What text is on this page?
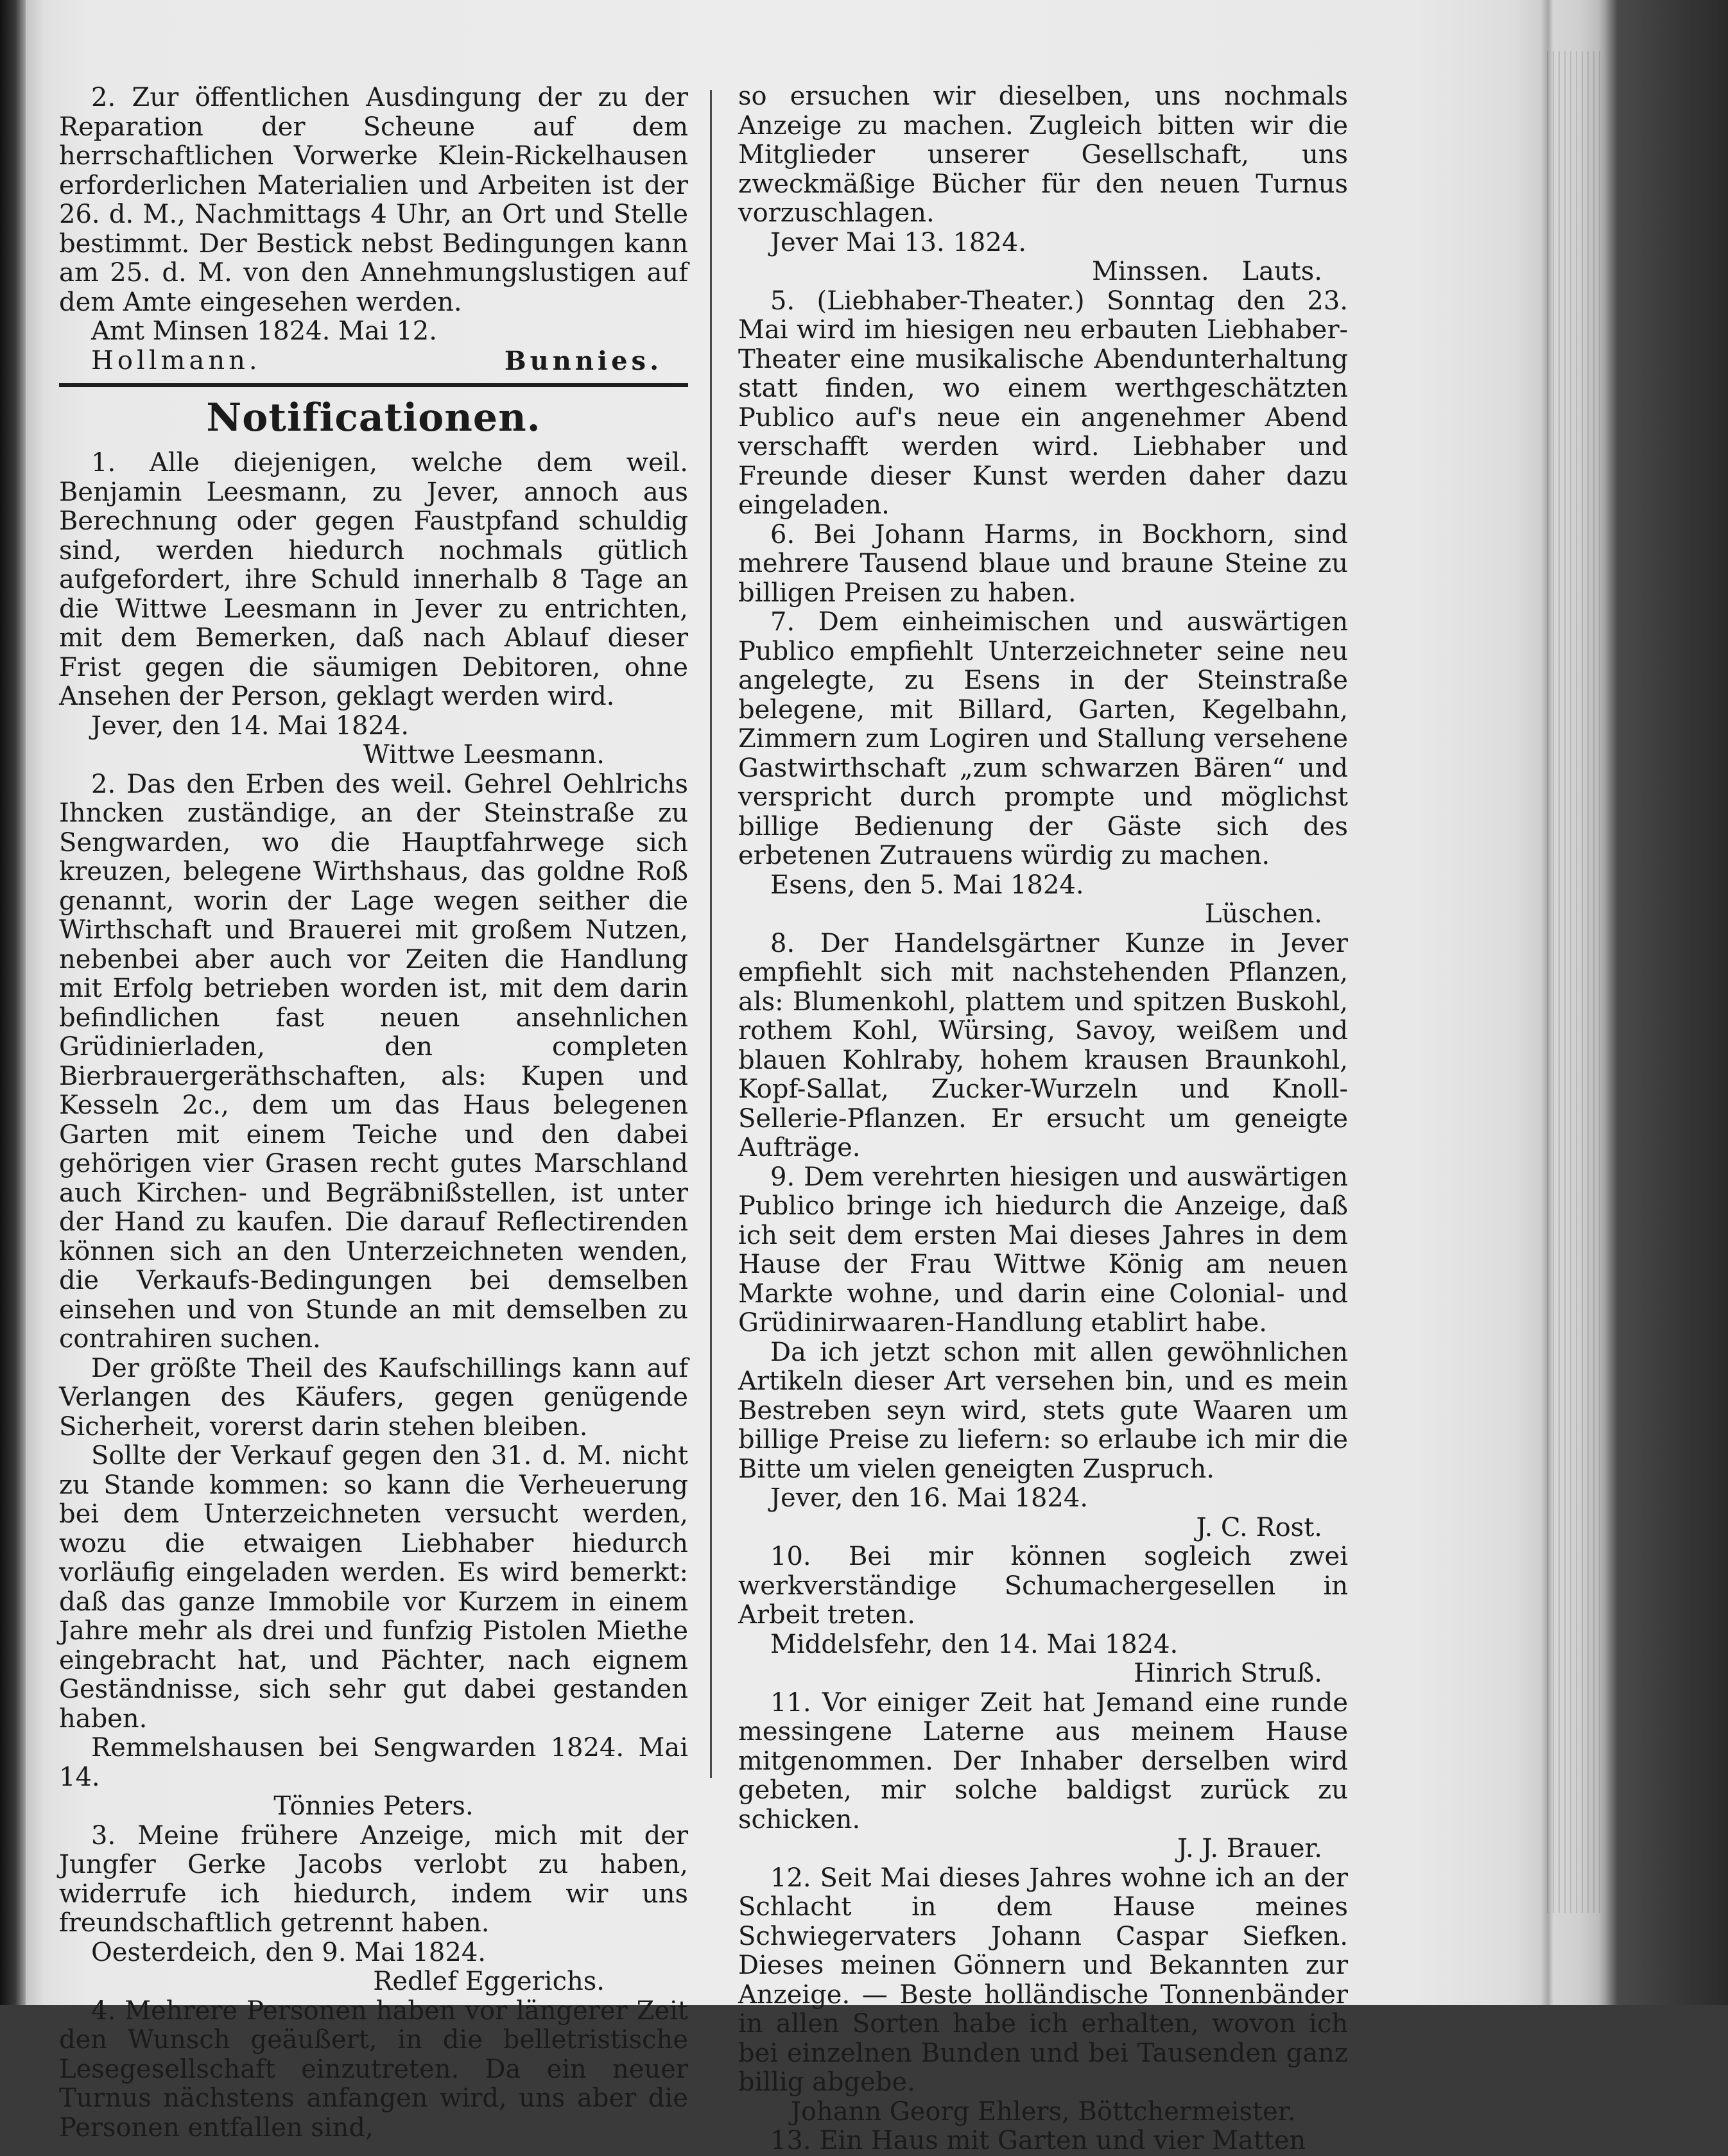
2. Zur öffentlichen Ausdingung der zu der Reparation der Scheune auf dem herrschaftlichen Vorwerke Klein-Rickelhausen erforderlichen Materialien und Arbeiten ist der 26. d. M., Nachmittags 4 Uhr, an Ort und Stelle bestimmt. Der Bestick nebst Bedingungen kann am 25. d. M. von den Annehmungslustigen auf dem Amte eingesehen werden.

Amt Minsen 1824. Mai 12.

Hollmann.	Bunnies.

Notificationen.

1. Alle diejenigen, welche dem weil. Benjamin Leesmann, zu Jever, annoch aus Berechnung oder gegen Faustpfand schuldig sind, werden hiedurch nochmals gütlich aufgefordert, ihre Schuld innerhalb 8 Tage an die Wittwe Leesmann in Jever zu entrichten, mit dem Bemerken, daß nach Ablauf dieser Frist gegen die säumigen Debitoren, ohne Ansehen der Person, geklagt werden wird.

Jever, den 14. Mai 1824.

Wittwe Leesmann.

2. Das den Erben des weil. Gehrel Oehlrichs Ihncken zuständige, an der Steinstraße zu Sengwarden, wo die Hauptfahrwege sich kreuzen, belegene Wirthshaus, das goldne Roß genannt, worin der Lage wegen seither die Wirthschaft und Brauerei mit großem Nutzen, nebenbei aber auch vor Zeiten die Handlung mit Erfolg betrieben worden ist, mit dem darin befindlichen fast neuen ansehnlichen Grüdinierladen, den completen Bierbrauergeräthschaften, als: Kupen und Kesseln 2c., dem um das Haus belegenen Garten mit einem Teiche und den dabei gehörigen vier Grasen recht gutes Marschland auch Kirchen- und Begräbnißstellen, ist unter der Hand zu kaufen. Die darauf Reflectirenden können sich an den Unterzeichneten wenden, die Verkaufs-Bedingungen bei demselben einsehen und von Stunde an mit demselben zu contrahiren suchen.

Der größte Theil des Kaufschillings kann auf Verlangen des Käufers, gegen genügende Sicherheit, vorerst darin stehen bleiben.

Sollte der Verkauf gegen den 31. d. M. nicht zu Stande kommen: so kann die Verheuerung bei dem Unterzeichneten versucht werden, wozu die etwaigen Liebhaber hiedurch vorläufig eingeladen werden. Es wird bemerkt: daß das ganze Immobile vor Kurzem in einem Jahre mehr als drei und funfzig Pistolen Miethe eingebracht hat, und Pächter, nach eignem Geständnisse, sich sehr gut dabei gestanden haben.

Remmelshausen bei Sengwarden 1824. Mai 14.

Tönnies Peters.

3. Meine frühere Anzeige, mich mit der Jungfer Gerke Jacobs verlobt zu haben, widerrufe ich hiedurch, indem wir uns freundschaftlich getrennt haben.

Oesterdeich, den 9. Mai 1824.

Redlef Eggerichs.

4. Mehrere Personen haben vor längerer Zeit den Wunsch geäußert, in die belletristische Lesegesellschaft einzutreten. Da ein neuer Turnus nächstens anfangen wird, uns aber die Personen entfallen sind,

so ersuchen wir dieselben, uns nochmals Anzeige zu machen. Zugleich bitten wir die Mitglieder unserer Gesellschaft, uns zweckmäßige Bücher für den neuen Turnus vorzuschlagen.

Jever Mai 13. 1824.

Minssen.    Lauts.

5. (Liebhaber-Theater.) Sonntag den 23. Mai wird im hiesigen neu erbauten Liebhaber-Theater eine musikalische Abendunterhaltung statt finden, wo einem werthgeschätzten Publico auf's neue ein angenehmer Abend verschafft werden wird. Liebhaber und Freunde dieser Kunst werden daher dazu eingeladen.

6. Bei Johann Harms, in Bockhorn, sind mehrere Tausend blaue und braune Steine zu billigen Preisen zu haben.

7. Dem einheimischen und auswärtigen Publico empfiehlt Unterzeichneter seine neu angelegte, zu Esens in der Steinstraße belegene, mit Billard, Garten, Kegelbahn, Zimmern zum Logiren und Stallung versehene Gastwirthschaft „zum schwarzen Bären“ und verspricht durch prompte und möglichst billige Bedienung der Gäste sich des erbetenen Zutrauens würdig zu machen.

Esens, den 5. Mai 1824.

Lüschen.

8. Der Handelsgärtner Kunze in Jever empfiehlt sich mit nachstehenden Pflanzen, als: Blumenkohl, plattem und spitzen Buskohl, rothem Kohl, Würsing, Savoy, weißem und blauen Kohlraby, hohem krausen Braunkohl, Kopf-Sallat, Zucker-Wurzeln und Knoll-Sellerie-Pflanzen. Er ersucht um geneigte Aufträge.

9. Dem verehrten hiesigen und auswärtigen Publico bringe ich hiedurch die Anzeige, daß ich seit dem ersten Mai dieses Jahres in dem Hause der Frau Wittwe König am neuen Markte wohne, und darin eine Colonial- und Grüdinirwaaren-Handlung etablirt habe.

Da ich jetzt schon mit allen gewöhnlichen Artikeln dieser Art versehen bin, und es mein Bestreben seyn wird, stets gute Waaren um billige Preise zu liefern: so erlaube ich mir die Bitte um vielen geneigten Zuspruch.

Jever, den 16. Mai 1824.

J. C. Rost.

10. Bei mir können sogleich zwei werkverständige Schumachergesellen in Arbeit treten.

Middelsfehr, den 14. Mai 1824.

Hinrich Struß.

11. Vor einiger Zeit hat Jemand eine runde messingene Laterne aus meinem Hause mitgenommen. Der Inhaber derselben wird gebeten, mir solche baldigst zurück zu schicken.

J. J. Brauer.

12. Seit Mai dieses Jahres wohne ich an der Schlacht in dem Hause meines Schwiegervaters Johann Caspar Siefken. Dieses meinen Gönnern und Bekannten zur Anzeige. — Beste holländische Tonnenbänder in allen Sorten habe ich erhalten, wovon ich bei einzelnen Bunden und bei Tausenden ganz billig abgebe.

Johann Georg Ehlers, Böttchermeister.

13. Ein Haus mit Garten und vier Matten
